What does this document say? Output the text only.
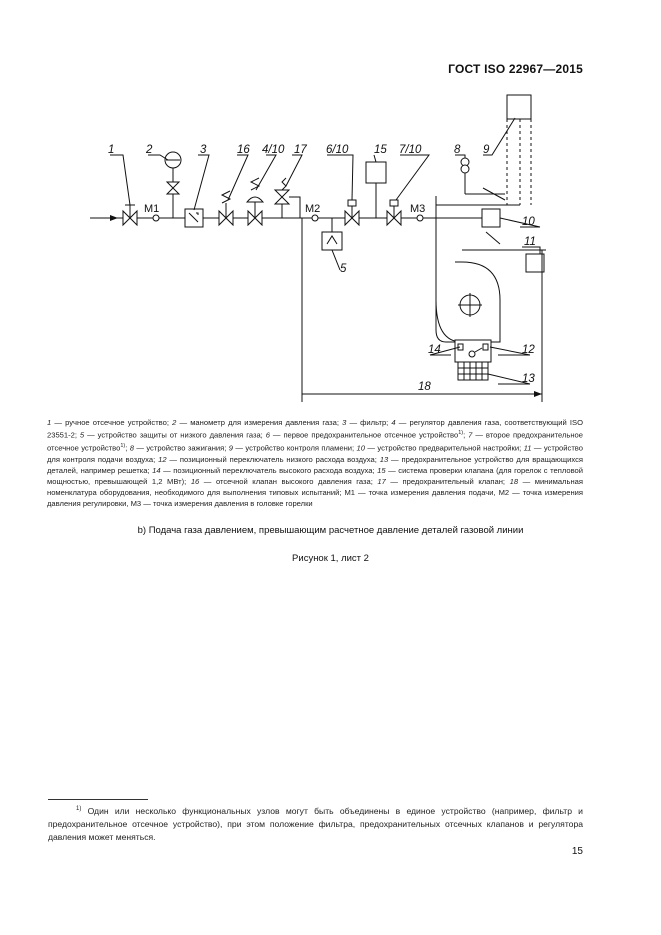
ГОСТ ISO 22967—2015
1	2	3	16 4/10 17 6/10 15 7/10	8 9
10
11
5
12
13
14
18
M1	M2	M3
1 — ручное отсечное устройство; 2 — манометр для измерения давления газа; 3 — фильтр; 4 — регулятор давления газа, соответствующий ISO 23551-2; 5 — устройство защиты от низкого давления газа; 6 — первое предохранительное отсечное устройство$^{1)}$; 7 — второе предохранительное отсечное устройство$^{1)}$; 8 — устройство зажигания; 9 — устройство контроля пламени; 10 — устройство предварительной настройки; 11 — устройство для контроля подачи воздуха; 12 — позиционный переключатель низкого расхода воздуха; 13 — предохранительное устройство для вращающихся деталей, например решетка; 14 — позиционный переключатель высокого расхода воздуха; 15 — система проверки клапана (для горелок с тепловой мощностью, превышающей 1,2 МВт); 16 — отсечной клапан высокого давления газа; 17 — предохранительный клапан; 18 — минимальная номенклатура оборудования, необходимого для выполнения типовых испытаний; М1 — точка измерения давления подачи, М2 — точка измерения давления регулировки, М3 — точка измерения давления в головке горелки
b) Подача газа давлением, превышающим расчетное давление деталей газовой линии
Рисунок 1, лист 2
$^{1)}$ Один или несколько функциональных узлов могут быть объединены в единое устройство (например, фильтр и предохранительное отсечное устройство), при этом положение фильтра, предохранительных отсечных клапанов и регулятора давления может меняться.
15
